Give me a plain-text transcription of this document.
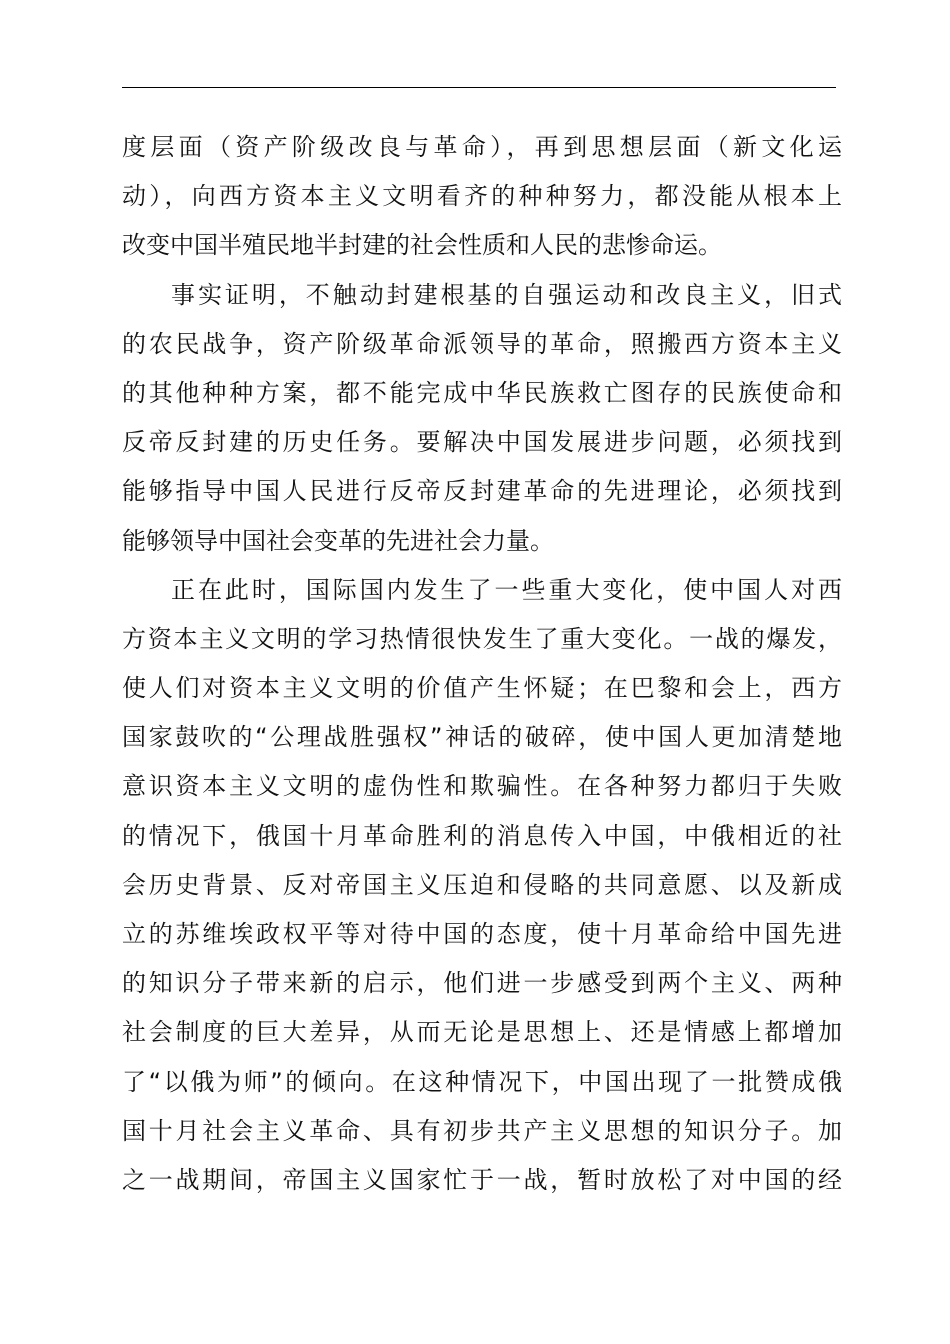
度层面（资产阶级改良与革命），再到思想层面（新文化运
动），向西方资本主义文明看齐的种种努力，都没能从根本上
改变中国半殖民地半封建的社会性质和人民的悲惨命运。
事实证明，不触动封建根基的自强运动和改良主义，旧式
的农民战争，资产阶级革命派领导的革命，照搬西方资本主义
的其他种种方案，都不能完成中华民族救亡图存的民族使命和
反帝反封建的历史任务。要解决中国发展进步问题，必须找到
能够指导中国人民进行反帝反封建革命的先进理论，必须找到
能够领导中国社会变革的先进社会力量。
正在此时，国际国内发生了一些重大变化，使中国人对西
方资本主义文明的学习热情很快发生了重大变化。一战的爆发，
使人们对资本主义文明的价值产生怀疑；在巴黎和会上，西方
国家鼓吹的“公理战胜强权”神话的破碎，使中国人更加清楚地
意识资本主义文明的虚伪性和欺骗性。在各种努力都归于失败
的情况下，俄国十月革命胜利的消息传入中国，中俄相近的社
会历史背景、反对帝国主义压迫和侵略的共同意愿、以及新成
立的苏维埃政权平等对待中国的态度，使十月革命给中国先进
的知识分子带来新的启示，他们进一步感受到两个主义、两种
社会制度的巨大差异，从而无论是思想上、还是情感上都增加
了“以俄为师”的倾向。在这种情况下，中国出现了一批赞成俄
国十月社会主义革命、具有初步共产主义思想的知识分子。加
之一战期间，帝国主义国家忙于一战，暂时放松了对中国的经
